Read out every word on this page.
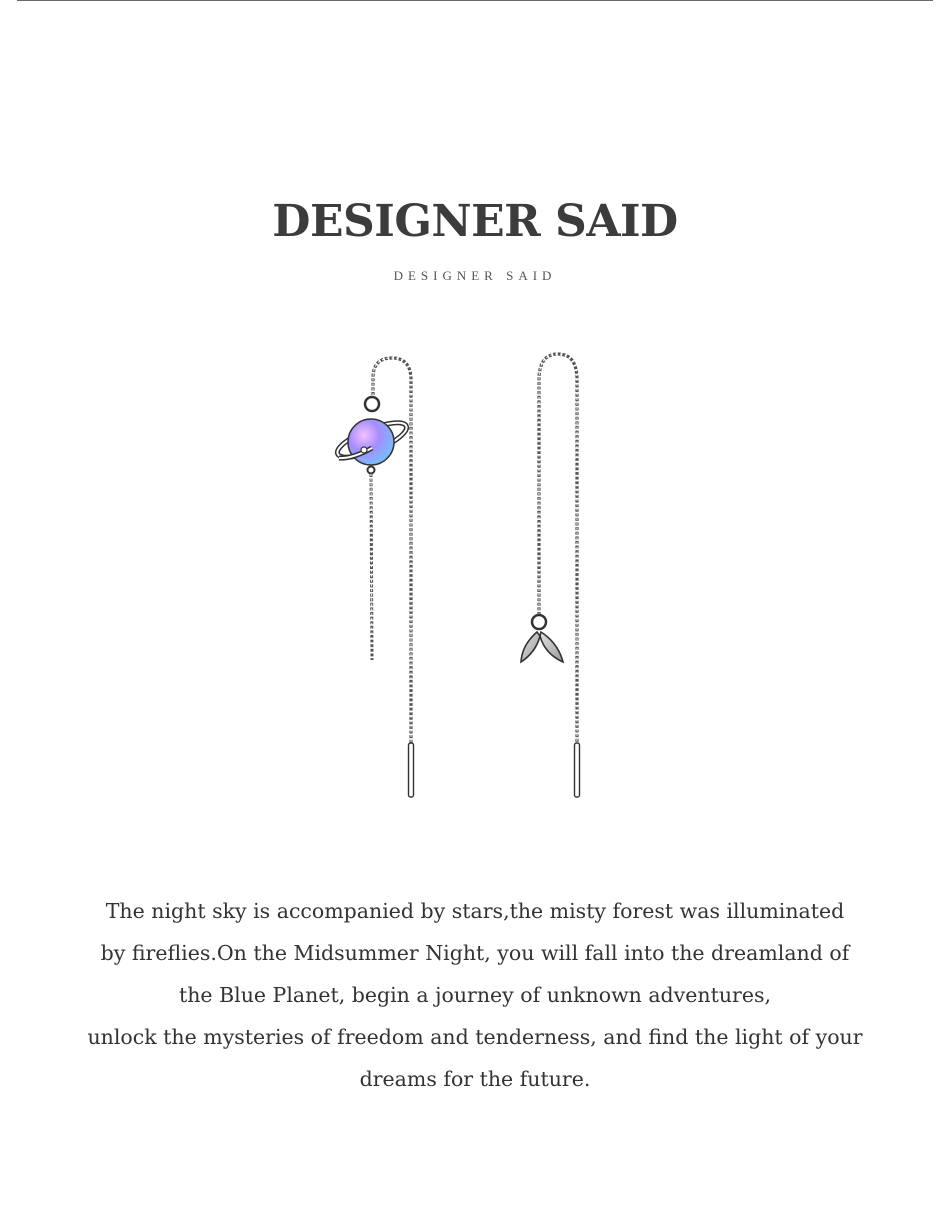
DESIGNER SAID
DESIGNER SAID
The night sky is accompanied by stars,the misty forest was illuminated
by fireflies.On the Midsummer Night, you will fall into the dreamland of
the Blue Planet, begin a journey of unknown adventures,
unlock the mysteries of freedom and tenderness, and find the light of your
dreams for the future.
